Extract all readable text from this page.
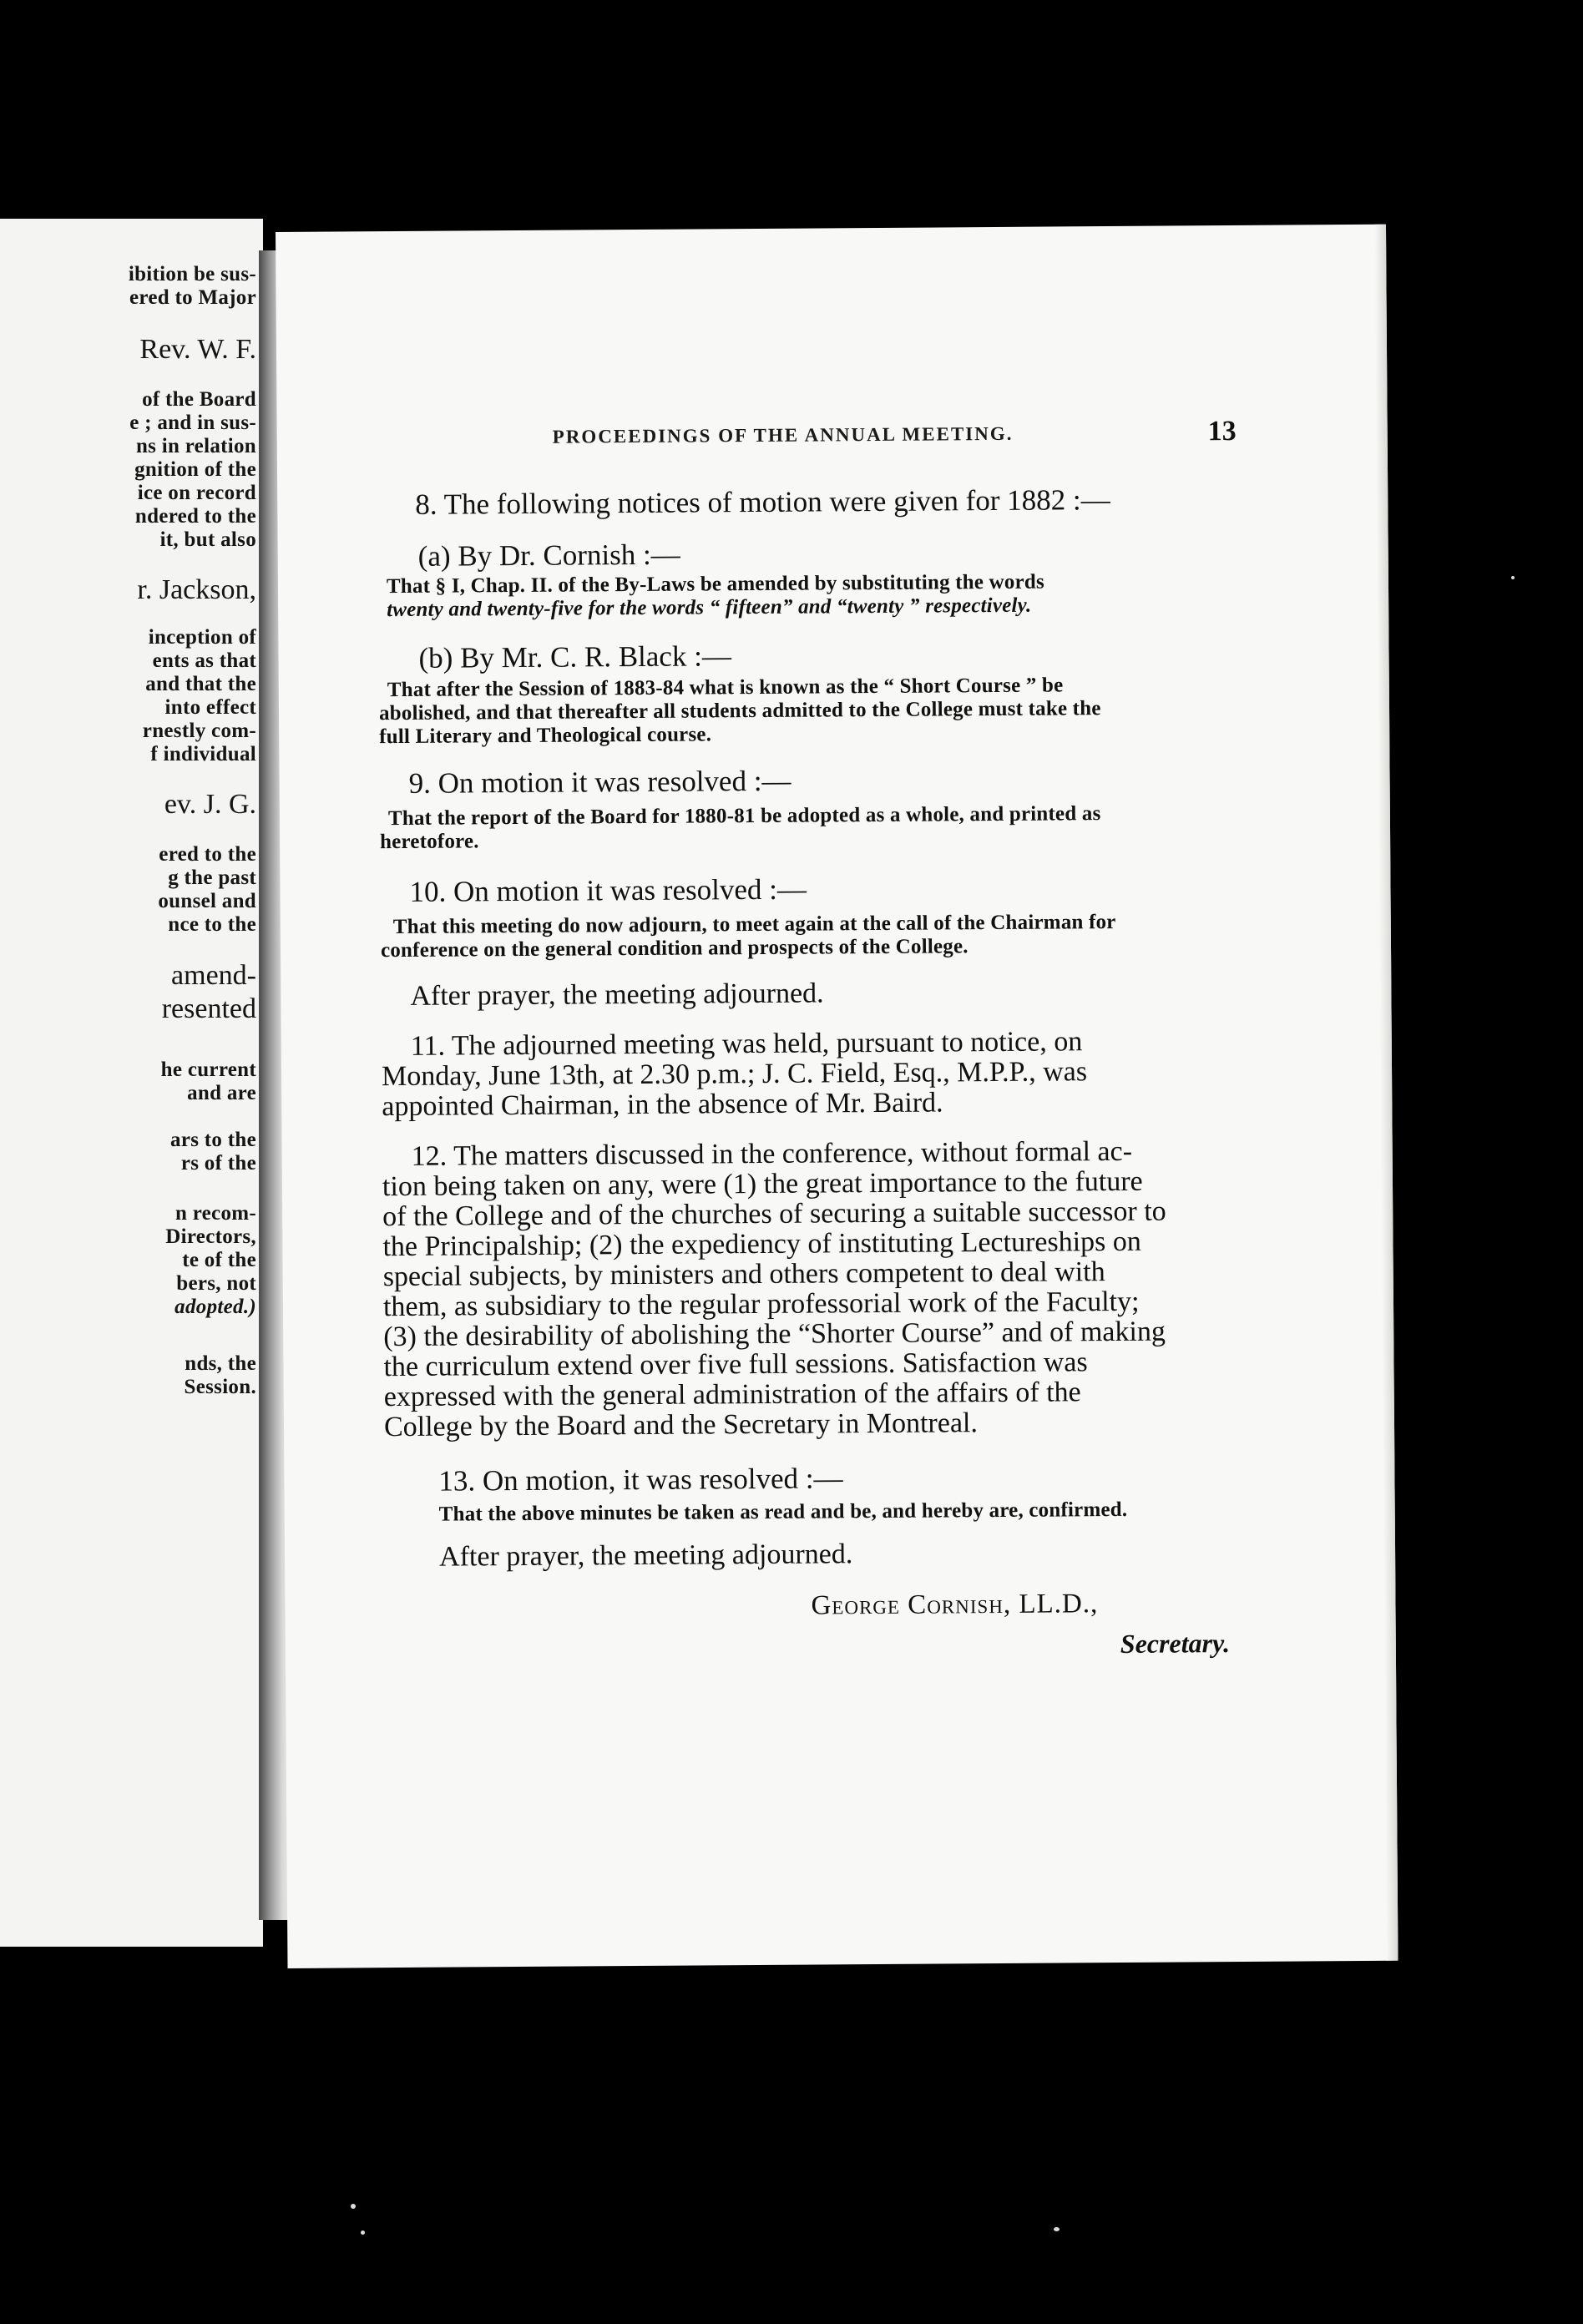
ibition be sus-
ered to Major
Rev. W. F.
of the Board
e ; and in sus-
ns in relation
gnition of the
ice on record
ndered to the
it, but also
r. Jackson,
inception of
ents as that
and that the
into effect
rnestly com-
f individual
ev. J. G.
ered to the
g the past
ounsel and
nce to the
amend-
resented
he current
and are
ars to the
rs of the
n recom-
Directors,
te of the
bers, not
adopted.)
nds, the
Session.
PROCEEDINGS OF THE ANNUAL MEETING.	13
8. The following notices of motion were given for 1882 :—
(a) By Dr. Cornish :—
That § I, Chap. II. of the By-Laws be amended by substituting the words
twenty and twenty-five for the words “ fifteen” and “twenty ” respectively.
(b) By Mr. C. R. Black :—
That after the Session of 1883-84 what is known as the “ Short Course ” be
abolished, and that thereafter all students admitted to the College must take the
full Literary and Theological course.
9. On motion it was resolved :—
That the report of the Board for 1880-81 be adopted as a whole, and printed as
heretofore.
10. On motion it was resolved :—
That this meeting do now adjourn, to meet again at the call of the Chairman for
conference on the general condition and prospects of the College.
After prayer, the meeting adjourned.
11. The adjourned meeting was held, pursuant to notice, on
Monday, June 13th, at 2.30 p.m.; J. C. Field, Esq., M.P.P., was
appointed Chairman, in the absence of Mr. Baird.
12. The matters discussed in the conference, without formal ac-
tion being taken on any, were (1) the great importance to the future
of the College and of the churches of securing a suitable successor to
the Principalship; (2) the expediency of instituting Lectureships on
special subjects, by ministers and others competent to deal with
them, as subsidiary to the regular professorial work of the Faculty;
(3) the desirability of abolishing the “Shorter Course” and of making
the curriculum extend over five full sessions. Satisfaction was
expressed with the general administration of the affairs of the
College by the Board and the Secretary in Montreal.
13. On motion, it was resolved :—
That the above minutes be taken as read and be, and hereby are, confirmed.
After prayer, the meeting adjourned.
George Cornish, LL.D.,
Secretary.
